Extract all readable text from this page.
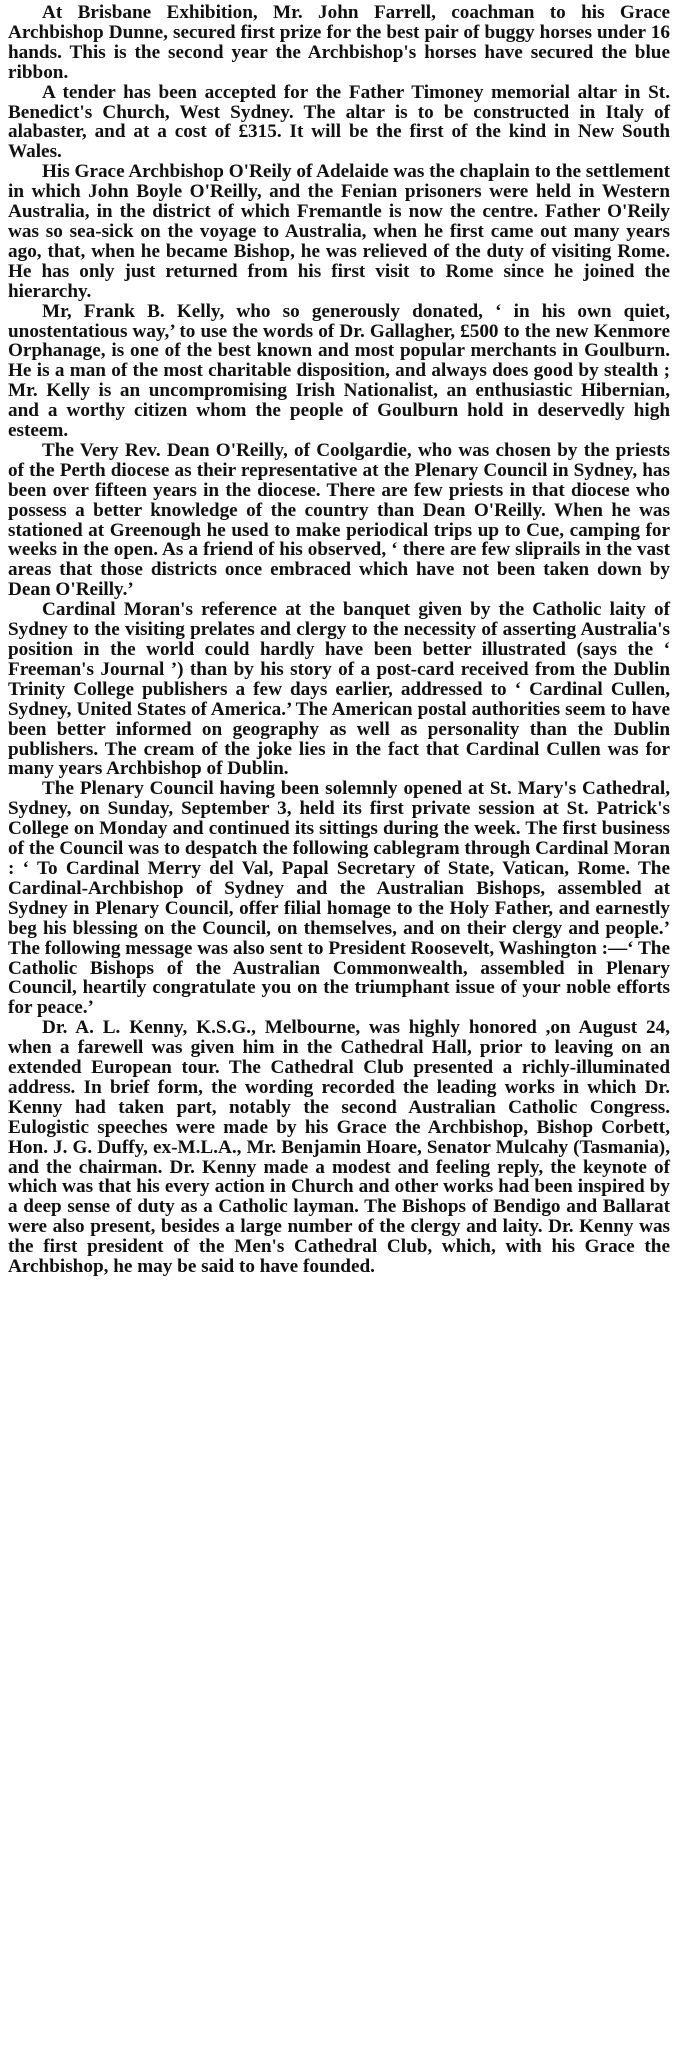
At Brisbane Exhibition, Mr. John Farrell, coachman to his Grace Archbishop Dunne, secured first prize for the best pair of buggy horses under 16 hands. This is the second year the Archbishop's horses have secured the blue ribbon.

A tender has been accepted for the Father Timoney memorial altar in St. Benedict's Church, West Sydney. The altar is to be constructed in Italy of alabaster, and at a cost of £315. It will be the first of the kind in New South Wales.

His Grace Archbishop O'Reily of Adelaide was the chaplain to the settlement in which John Boyle O'Reilly, and the Fenian prisoners were held in Western Australia, in the district of which Fremantle is now the centre. Father O'Reily was so sea-sick on the voyage to Australia, when he first came out many years ago, that, when he became Bishop, he was relieved of the duty of visiting Rome. He has only just returned from his first visit to Rome since he joined the hierarchy.

Mr, Frank B. Kelly, who so generously donated, ‘ in his own quiet, unostentatious way,’ to use the words of Dr. Gallagher, £500 to the new Kenmore Orphanage, is one of the best known and most popular merchants in Goulburn. He is a man of the most charitable disposition, and always does good by stealth ; Mr. Kelly is an uncompromising Irish Nationalist, an enthusiastic Hibernian, and a worthy citizen whom the people of Goulburn hold in deservedly high esteem.

The Very Rev. Dean O'Reilly, of Coolgardie, who was chosen by the priests of the Perth diocese as their representative at the Plenary Council in Sydney, has been over fifteen years in the diocese. There are few priests in that diocese who possess a better knowledge of the country than Dean O'Reilly. When he was stationed at Greenough he used to make periodical trips up to Cue, camping for weeks in the open. As a friend of his observed, ‘ there are few sliprails in the vast areas that those districts once embraced which have not been taken down by Dean O'Reilly.’

Cardinal Moran's reference at the banquet given by the Catholic laity of Sydney to the visiting prelates and clergy to the necessity of asserting Australia's position in the world could hardly have been better illustrated (says the ‘ Freeman's Journal ’) than by his story of a post-card received from the Dublin Trinity College publishers a few days earlier, addressed to ‘ Cardinal Cullen, Sydney, United States of America.’ The American postal authorities seem to have been better informed on geography as well as personality than the Dublin publishers. The cream of the joke lies in the fact that Cardinal Cullen was for many years Archbishop of Dublin.

The Plenary Council having been solemnly opened at St. Mary's Cathedral, Sydney, on Sunday, September 3, held its first private session at St. Patrick's College on Monday and continued its sittings during the week. The first business of the Council was to despatch the following cablegram through Cardinal Moran : ‘ To Cardinal Merry del Val, Papal Secretary of State, Vatican, Rome. The Cardinal-Archbishop of Sydney and the Australian Bishops, assembled at Sydney in Plenary Council, offer filial homage to the Holy Father, and earnestly beg his blessing on the Council, on themselves, and on their clergy and people.’ The following message was also sent to President Roosevelt, Washington :—‘ The Catholic Bishops of the Australian Commonwealth, assembled in Plenary Council, heartily congratulate you on the triumphant issue of your noble efforts for peace.’

Dr. A. L. Kenny, K.S.G., Melbourne, was highly honored ,on August 24, when a farewell was given him in the Cathedral Hall, prior to leaving on an extended European tour. The Cathedral Club presented a richly-illuminated address. In brief form, the wording recorded the leading works in which Dr. Kenny had taken part, notably the second Australian Catholic Congress. Eulogistic speeches were made by his Grace the Archbishop, Bishop Corbett, Hon. J. G. Duffy, ex-M.L.A., Mr. Benjamin Hoare, Senator Mulcahy (Tasmania), and the chairman. Dr. Kenny made a modest and feeling reply, the keynote of which was that his every action in Church and other works had been inspired by a deep sense of duty as a Catholic layman. The Bishops of Bendigo and Ballarat were also present, besides a large number of the clergy and laity. Dr. Kenny was the first president of the Men's Cathedral Club, which, with his Grace the Archbishop, he may be said to have founded.
